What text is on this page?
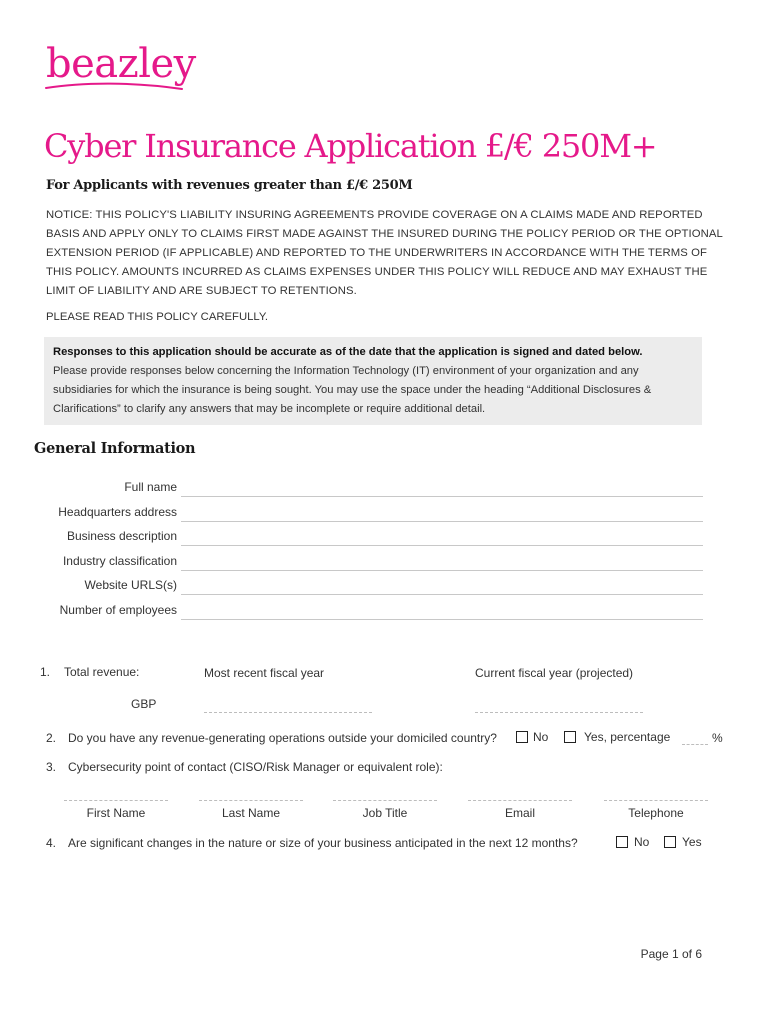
beazley
Cyber Insurance Application £/€ 250M+
For Applicants with revenues greater than £/€ 250M
NOTICE: THIS POLICY'S LIABILITY INSURING AGREEMENTS PROVIDE COVERAGE ON A CLAIMS MADE AND REPORTED BASIS AND APPLY ONLY TO CLAIMS FIRST MADE AGAINST THE INSURED DURING THE POLICY PERIOD OR THE OPTIONAL EXTENSION PERIOD (IF APPLICABLE) AND REPORTED TO THE UNDERWRITERS IN ACCORDANCE WITH THE TERMS OF THIS POLICY. AMOUNTS INCURRED AS CLAIMS EXPENSES UNDER THIS POLICY WILL REDUCE AND MAY EXHAUST THE LIMIT OF LIABILITY AND ARE SUBJECT TO RETENTIONS.
PLEASE READ THIS POLICY CAREFULLY.
Responses to this application should be accurate as of the date that the application is signed and dated below.
Please provide responses below concerning the Information Technology (IT) environment of your organization and any subsidiaries for which the insurance is being sought. You may use the space under the heading “Additional Disclosures & Clarifications” to clarify any answers that may be incomplete or require additional detail.
General Information
Full name
Headquarters address
Business description
Industry classification
Website URLS(s)
Number of employees
1. Total revenue:	Most recent fiscal year	Current fiscal year (projected)
GBP
2. Do you have any revenue-generating operations outside your domiciled country?	No	Yes, percentage	%
3. Cybersecurity point of contact (CISO/Risk Manager or equivalent role):
First Name	Last Name	Job Title	Email	Telephone
4. Are significant changes in the nature or size of your business anticipated in the next 12 months?	No	Yes
Page 1 of 6
